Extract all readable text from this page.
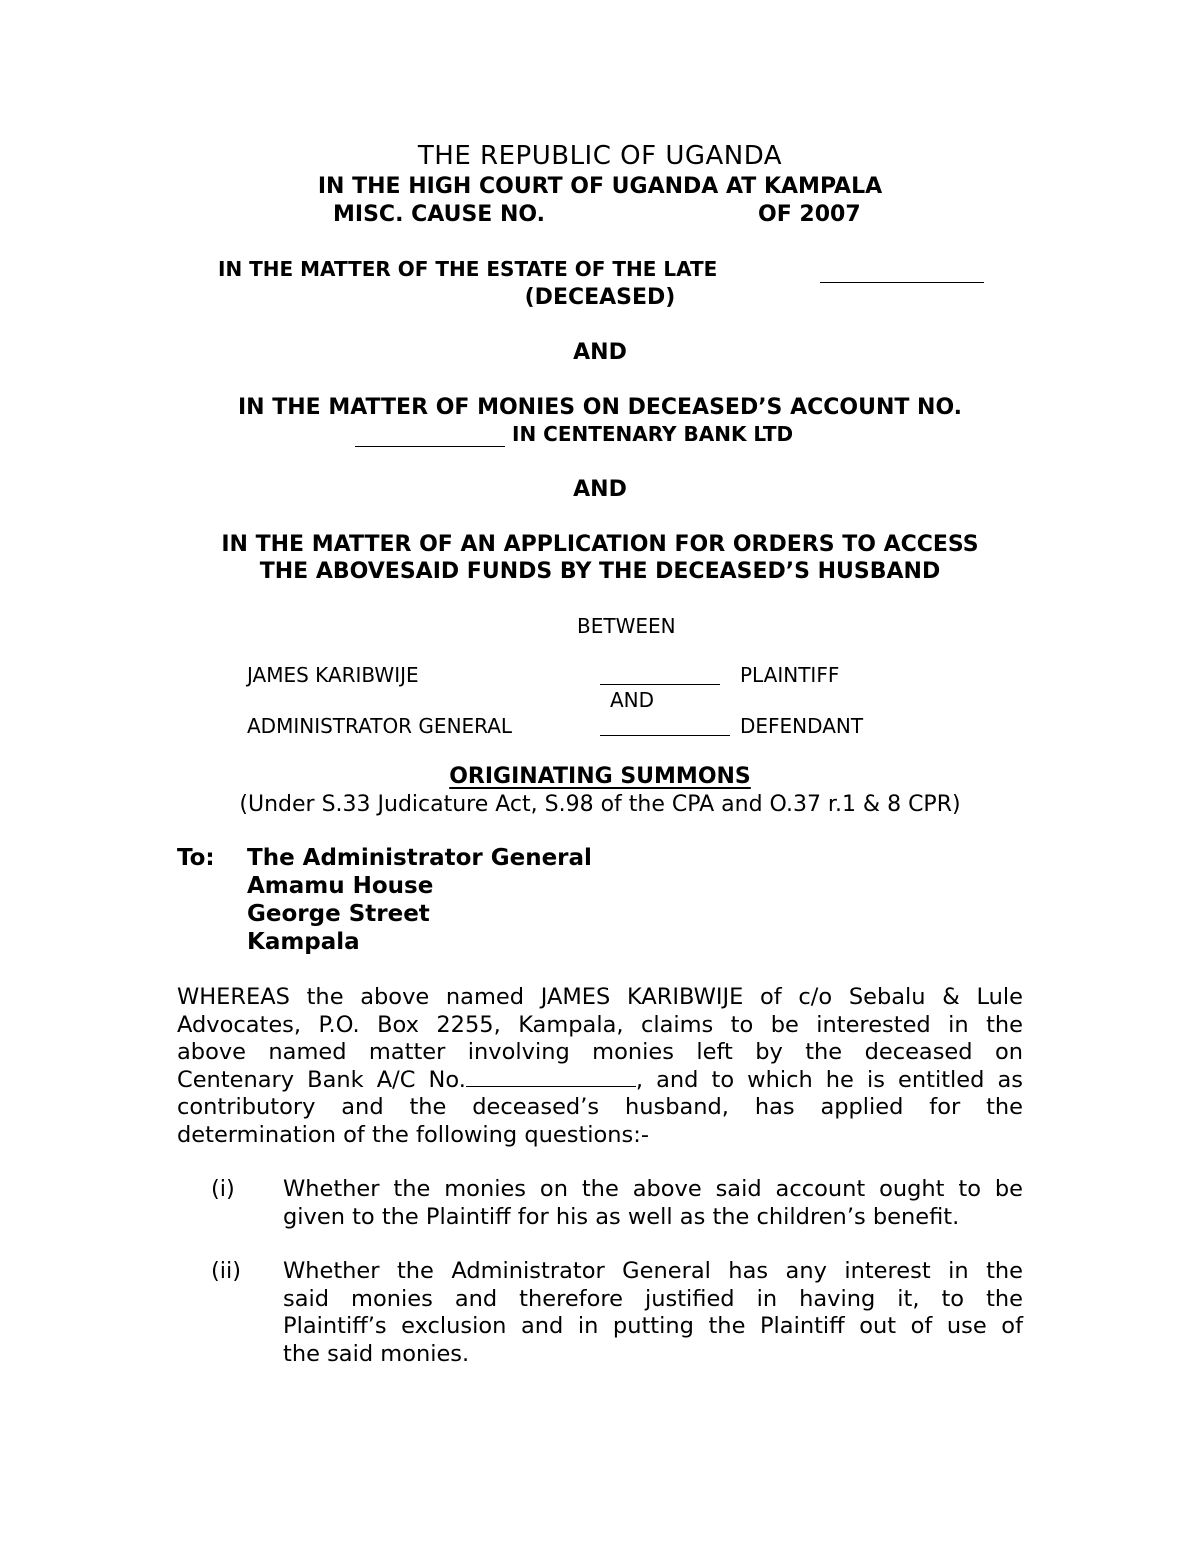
THE REPUBLIC OF UGANDA
IN THE HIGH COURT OF UGANDA AT KAMPALA
MISC. CAUSE NO.	OF 2007
IN THE MATTER OF THE ESTATE OF THE LATE
(DECEASED)
AND
IN THE MATTER OF MONIES ON DECEASED’S ACCOUNT NO.
IN CENTENARY BANK LTD
AND
IN THE MATTER OF AN APPLICATION FOR ORDERS TO ACCESS
THE ABOVESAID FUNDS BY THE DECEASED’S HUSBAND
BETWEEN
JAMES KARIBWIJE	PLAINTIFF
AND
ADMINISTRATOR GENERAL	DEFENDANT
ORIGINATING SUMMONS
(Under S.33 Judicature Act, S.98 of the CPA and O.37 r.1 & 8 CPR)
To: The Administrator General
Amamu House
George Street
Kampala
WHEREAS the above named JAMES KARIBWIJE of c/o Sebalu & Lule
Advocates, P.O. Box 2255, Kampala, claims to be interested in the
above named matter involving monies left by the deceased on
Centenary Bank A/C No.	, and to which he is entitled as
contributory and the deceased’s husband, has applied for the
determination of the following questions:-
(i) Whether the monies on the above said account ought to be
given to the Plaintiff for his as well as the children’s benefit.
(ii) Whether the Administrator General has any interest in the
said monies and therefore justified in having it, to the
Plaintiff’s exclusion and in putting the Plaintiff out of use of
the said monies.
